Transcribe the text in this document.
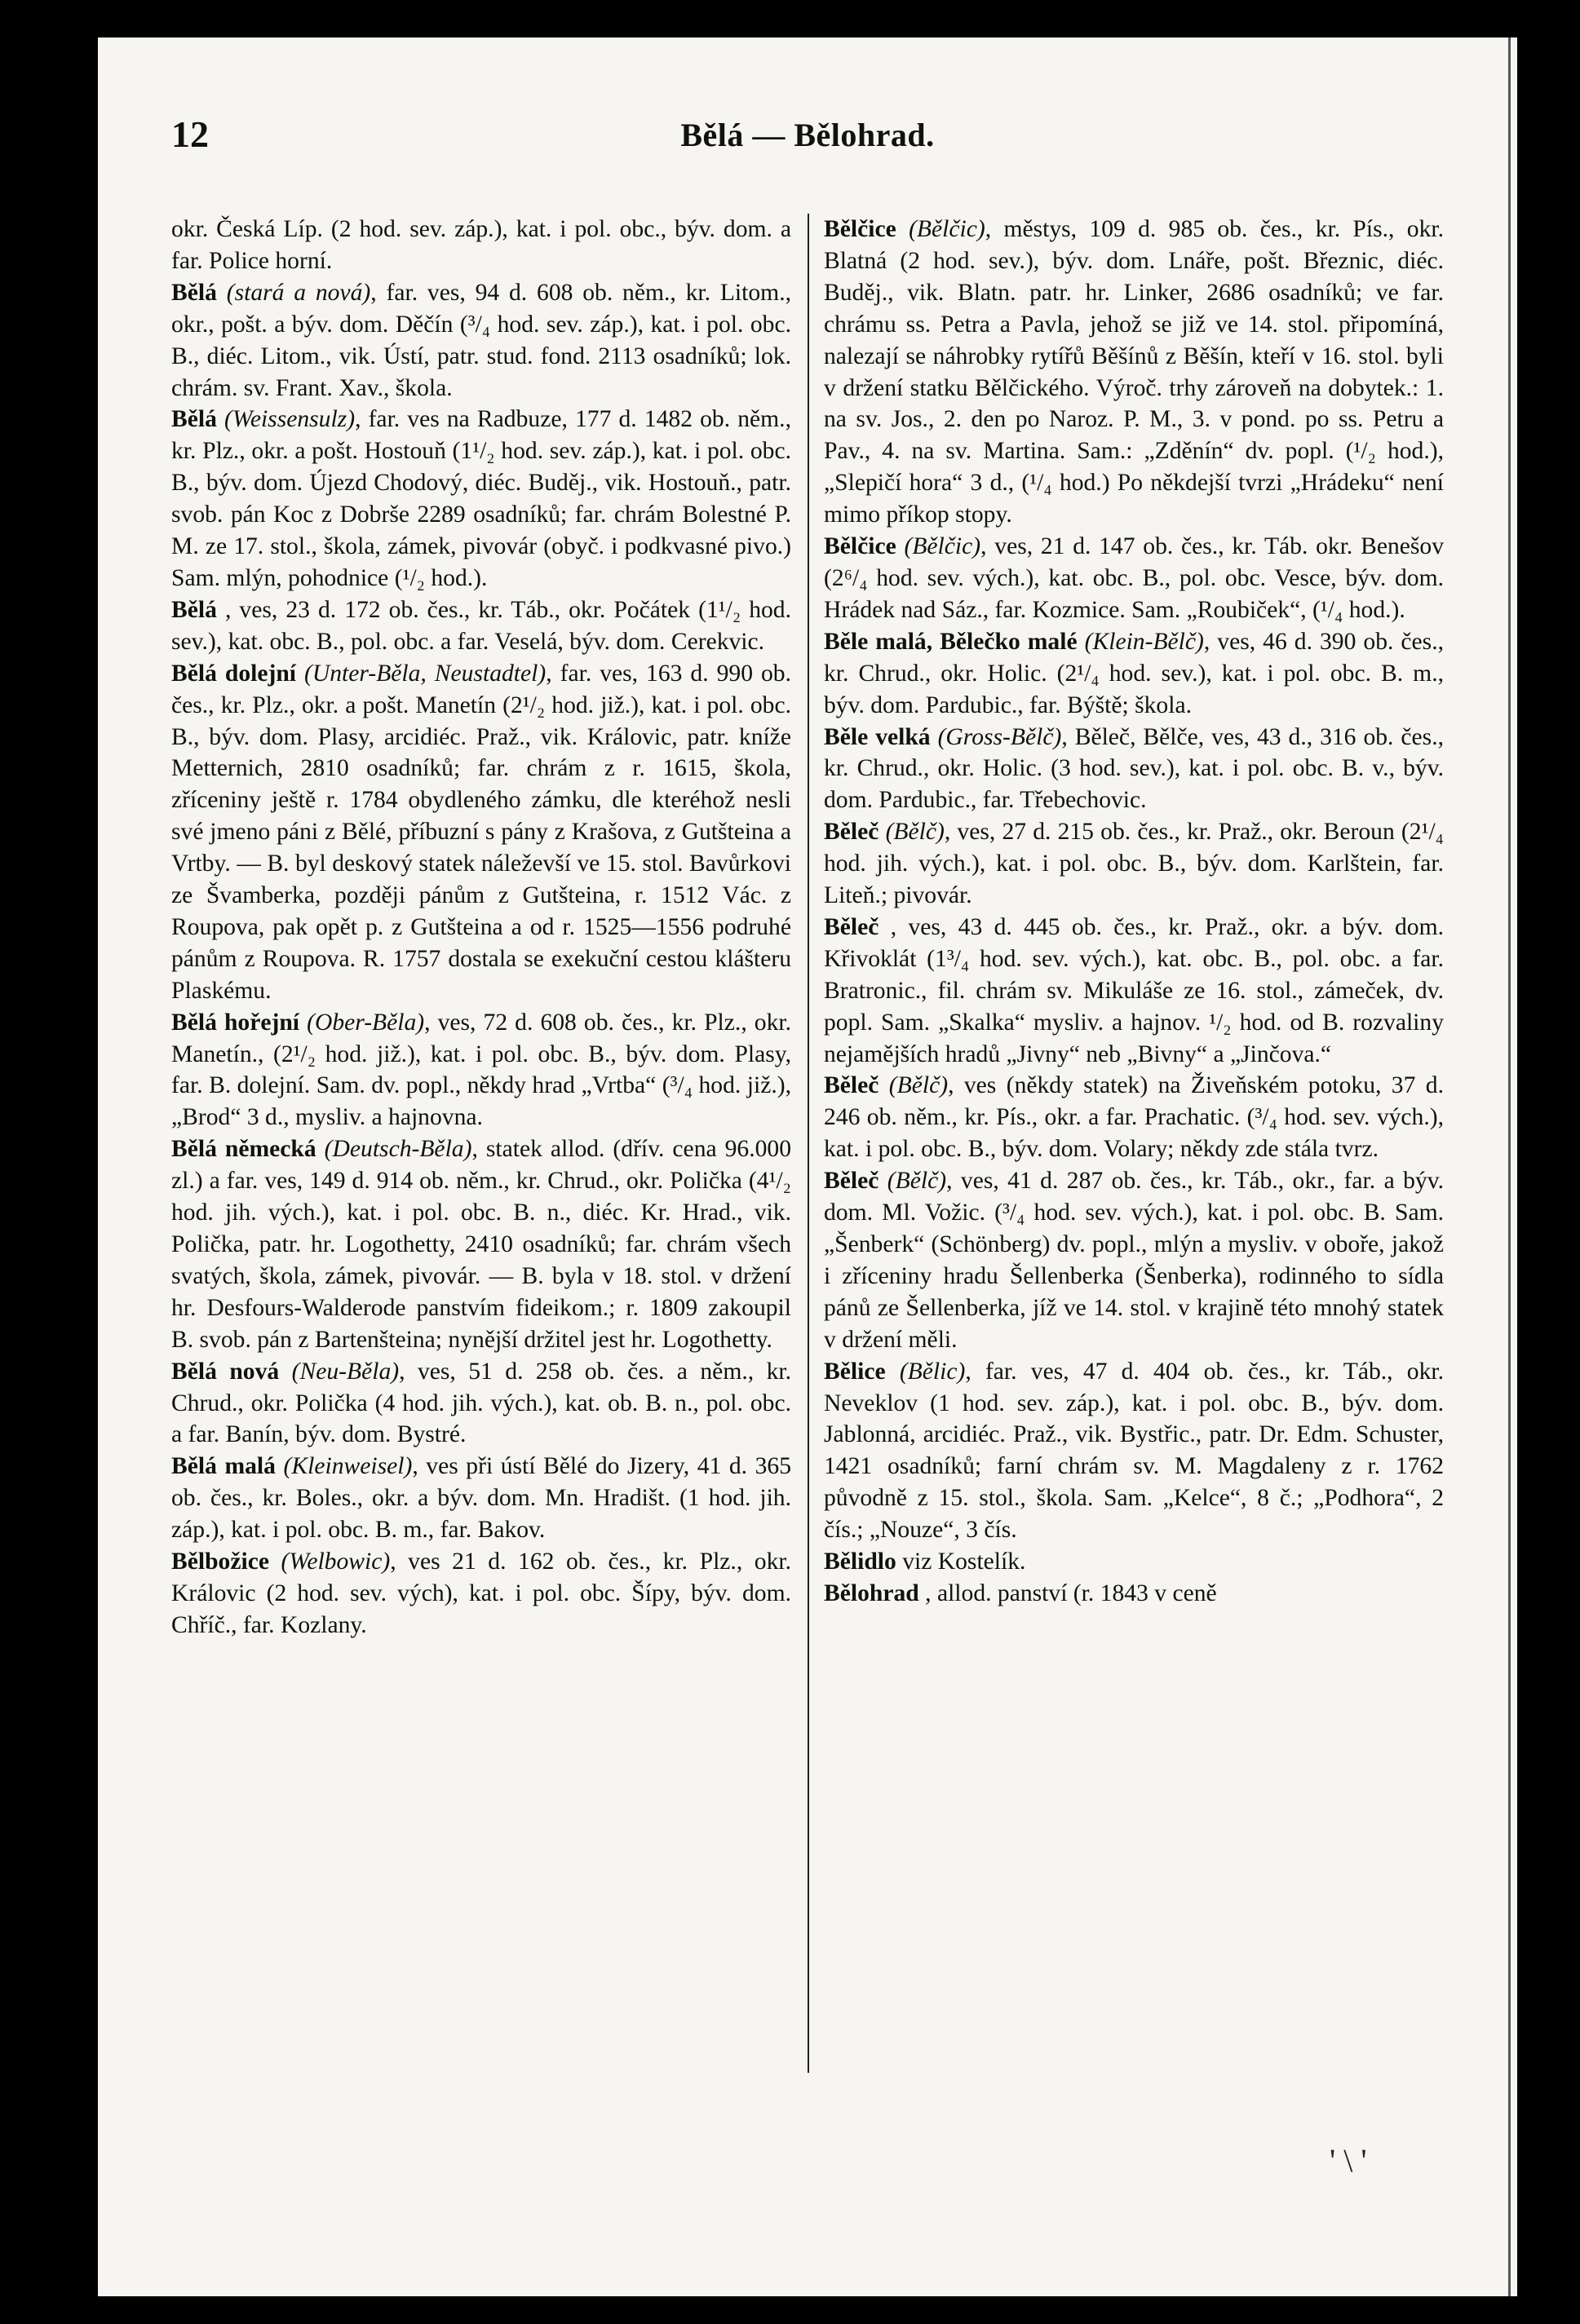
12	Bělá — Bělohrad.

okr. Česká Líp. (2 hod. sev. záp.), kat. i pol. obc., býv. dom. a far. Police horní.

Bělá (stará a nová), far. ves, 94 d. 608 ob. něm., kr. Litom., okr., pošt. a býv. dom. Děčín (³/₄ hod. sev. záp.), kat. i pol. obc. B., diéc. Litom., vik. Ústí, patr. stud. fond. 2113 osadníků; lok. chrám. sv. Frant. Xav., škola.

Bělá (Weissensulz), far. ves na Radbuze, 177 d. 1482 ob. něm., kr. Plz., okr. a pošt. Hostouň (1¹/₂ hod. sev. záp.), kat. i pol. obc. B., býv. dom. Újezd Chodový, diéc. Buděj., vik. Hostouň., patr. svob. pán Koc z Dobrše 2289 osadníků; far. chrám Bolestné P. M. ze 17. stol., škola, zámek, pivovár (obyč. i podkvasné pivo.) Sam. mlýn, pohodnice (¹/₂ hod.).

Bělá , ves, 23 d. 172 ob. čes., kr. Táb., okr. Počátek (1¹/₂ hod. sev.), kat. obc. B., pol. obc. a far. Veselá, býv. dom. Cerekvic.

Bělá dolejní (Unter-Běla, Neustadtel), far. ves, 163 d. 990 ob. čes., kr. Plz., okr. a pošt. Manetín (2¹/₂ hod. již.), kat. i pol. obc. B., býv. dom. Plasy, arcidiéc. Praž., vik. Královic, patr. kníže Metternich, 2810 osadníků; far. chrám z r. 1615, škola, zříceniny ještě r. 1784 obydleného zámku, dle kteréhož nesli své jmeno páni z Bělé, příbuzní s pány z Krašova, z Gutšteina a Vrtby. — B. byl deskový statek náleževší ve 15. stol. Bavůrkovi ze Švamberka, později pánům z Gutšteina, r. 1512 Vác. z Roupova, pak opět p. z Gutšteina a od r. 1525—1556 podruhé pánům z Roupova. R. 1757 dostala se exekuční cestou klášteru Plaskému.

Bělá hořejní (Ober-Běla), ves, 72 d. 608 ob. čes., kr. Plz., okr. Manetín., (2¹/₂ hod. již.), kat. i pol. obc. B., býv. dom. Plasy, far. B. dolejní. Sam. dv. popl., někdy hrad „Vrtba“ (³/₄ hod. již.), „Brod“ 3 d., mysliv. a hajnovna.

Bělá německá (Deutsch-Běla), statek allod. (dřív. cena 96.000 zl.) a far. ves, 149 d. 914 ob. něm., kr. Chrud., okr. Polička (4¹/₂ hod. jih. vých.), kat. i pol. obc. B. n., diéc. Kr. Hrad., vik. Polička, patr. hr. Logothetty, 2410 osadníků; far. chrám všech svatých, škola, zámek, pivovár. — B. byla v 18. stol. v držení hr. Desfours-Walderode panstvím fideikom.; r. 1809 zakoupil B. svob. pán z Bartenšteina; nynější držitel jest hr. Logothetty.

Bělá nová (Neu-Běla), ves, 51 d. 258 ob. čes. a něm., kr. Chrud., okr. Polička (4 hod. jih. vých.), kat. ob. B. n., pol. obc. a far. Banín, býv. dom. Bystré.

Bělá malá (Kleinweisel), ves při ústí Bělé do Jizery, 41 d. 365 ob. čes., kr. Boles., okr. a býv. dom. Mn. Hradišt. (1 hod. jih. záp.), kat. i pol. obc. B. m., far. Bakov.

Bělbožice (Welbowic), ves 21 d. 162 ob. čes., kr. Plz., okr. Královic (2 hod. sev. vých), kat. i pol. obc. Šípy, býv. dom. Chříč., far. Kozlany.

Bělčice (Bělčic), městys, 109 d. 985 ob. čes., kr. Pís., okr. Blatná (2 hod. sev.), býv. dom. Lnáře, pošt. Březnic, diéc. Buděj., vik. Blatn. patr. hr. Linker, 2686 osadníků; ve far. chrámu ss. Petra a Pavla, jehož se již ve 14. stol. připomíná, nalezají se náhrobky rytířů Běšínů z Běšín, kteří v 16. stol. byli v držení statku Bělčického. Výroč. trhy zároveň na dobytek.: 1. na sv. Jos., 2. den po Naroz. P. M., 3. v pond. po ss. Petru a Pav., 4. na sv. Martina. Sam.: „Zděnín“ dv. popl. (¹/₂ hod.), „Slepičí hora“ 3 d., (¹/₄ hod.) Po někdejší tvrzi „Hrádeku“ není mimo příkop stopy.

Bělčice (Bělčic), ves, 21 d. 147 ob. čes., kr. Táb. okr. Benešov (2⁶/₄ hod. sev. vých.), kat. obc. B., pol. obc. Vesce, býv. dom. Hrádek nad Sáz., far. Kozmice. Sam. „Roubiček“, (¹/₄ hod.).

Běle malá, Bělečko malé (Klein-Bělč), ves, 46 d. 390 ob. čes., kr. Chrud., okr. Holic. (2¹/₄ hod. sev.), kat. i pol. obc. B. m., býv. dom. Pardubic., far. Býště; škola.

Běle velká (Gross-Bělč), Běleč, Bělče, ves, 43 d., 316 ob. čes., kr. Chrud., okr. Holic. (3 hod. sev.), kat. i pol. obc. B. v., býv. dom. Pardubic., far. Třebechovic.

Běleč (Bělč), ves, 27 d. 215 ob. čes., kr. Praž., okr. Beroun (2¹/₄ hod. jih. vých.), kat. i pol. obc. B., býv. dom. Karlštein, far. Liteň.; pivovár.

Běleč , ves, 43 d. 445 ob. čes., kr. Praž., okr. a býv. dom. Křivoklát (1³/₄ hod. sev. vých.), kat. obc. B., pol. obc. a far. Bratronic., fil. chrám sv. Mikuláše ze 16. stol., zámeček, dv. popl. Sam. „Skalka“ mysliv. a hajnov. ¹/₂ hod. od B. rozvaliny nejamějších hradů „Jivny“ neb „Bivny“ a „Jinčova.“

Běleč (Bělč), ves (někdy statek) na Živeňském potoku, 37 d. 246 ob. něm., kr. Pís., okr. a far. Prachatic. (³/₄ hod. sev. vých.), kat. i pol. obc. B., býv. dom. Volary; někdy zde stála tvrz.

Běleč (Bělč), ves, 41 d. 287 ob. čes., kr. Táb., okr., far. a býv. dom. Ml. Vožic. (³/₄ hod. sev. vých.), kat. i pol. obc. B. Sam. „Šenberk“ (Schönberg) dv. popl., mlýn a mysliv. v oboře, jakož i zříceniny hradu Šellenberka (Šenberka), rodinného to sídla pánů ze Šellenberka, jíž ve 14. stol. v krajině této mnohý statek v držení měli.

Bělice (Bělic), far. ves, 47 d. 404 ob. čes., kr. Táb., okr. Neveklov (1 hod. sev. záp.), kat. i pol. obc. B., býv. dom. Jablonná, arcidiéc. Praž., vik. Bystřic., patr. Dr. Edm. Schuster, 1421 osadníků; farní chrám sv. M. Magdaleny z r. 1762 původně z 15. stol., škola. Sam. „Kelce“, 8 č.; „Podhora“, 2 čís.; „Nouze“, 3 čís.

Bělidlo viz Kostelík.

Bělohrad , allod. panství (r. 1843 v ceně

' \ '
